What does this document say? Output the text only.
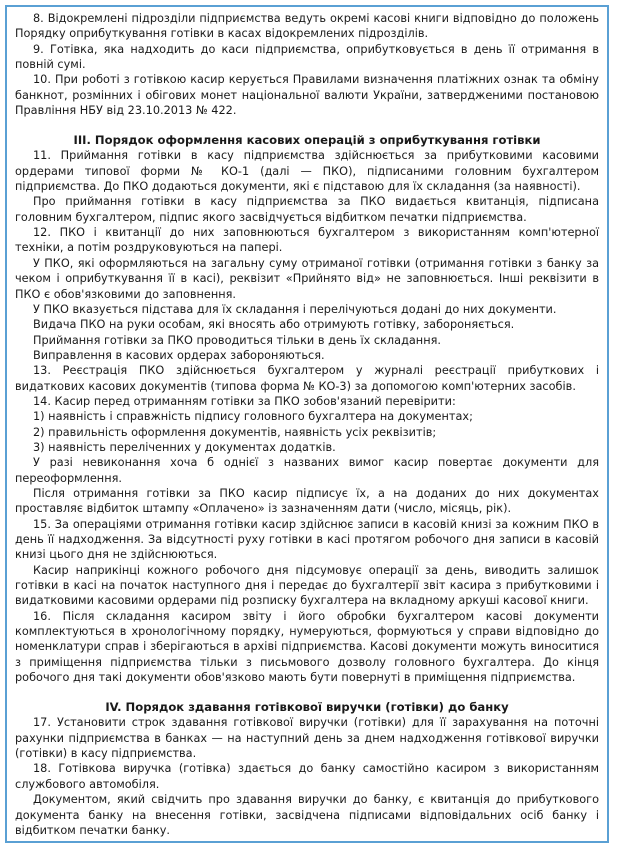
8. Відокремлені підрозділи підприємства ведуть окремі касові книги відповідно до положень Порядку оприбуткування готівки в касах відокремлених підрозділів.

9. Готівка, яка надходить до каси підприємства, оприбутковується в день її отримання в повній сумі.

10. При роботі з готівкою касир керується Правилами визначення платіжних ознак та обміну банкнот, розмінних і обігових монет національної валюти України, затвердженими постановою Правління НБУ від 23.10.2013 № 422.

III. Порядок оформлення касових операцій з оприбуткування готівки

11. Приймання готівки в касу підприємства здійснюється за прибутковими касовими ордерами типової форми № КО-1 (далі — ПКО), підписаними головним бухгалтером підприємства. До ПКО додаються документи, які є підставою для їх складання (за наявності).

Про приймання готівки в касу підприємства за ПКО видається квитанція, підписана головним бухгалтером, підпис якого засвідчується відбитком печатки підприємства.

12. ПКО і квитанції до них заповнюються бухгалтером з використанням комп'ютерної техніки, а потім роздруковуються на папері.

У ПКО, які оформляються на загальну суму отриманої готівки (отримання готівки з банку за чеком і оприбуткування її в касі), реквізит «Прийнято від» не заповнюється. Інші реквізити в ПКО є обов'язковими до заповнення.

У ПКО вказується підстава для їх складання і перелічуються додані до них документи.

Видача ПКО на руки особам, які вносять або отримують готівку, забороняється.

Приймання готівки за ПКО проводиться тільки в день їх складання.

Виправлення в касових ордерах забороняються.

13. Реєстрація ПКО здійснюється бухгалтером у журналі реєстрації прибуткових і видаткових касових документів (типова форма № КО-3) за допомогою комп'ютерних засобів.

14. Касир перед отриманням готівки за ПКО зобов'язаний перевірити:

1) наявність і справжність підпису головного бухгалтера на документах;

2) правильність оформлення документів, наявність усіх реквізитів;

3) наявність переліченних у документах додатків.

У разі невиконання хоча б однієї з названих вимог касир повертає документи для переоформлення.

Після отримання готівки за ПКО касир підписує їх, а на доданих до них документах проставляє відбиток штампу «Оплачено» із зазначенням дати (число, місяць, рік).

15. За операціями отримання готівки касир здійснює записи в касовій книзі за кожним ПКО в день її надходження. За відсутності руху готівки в касі протягом робочого дня записи в касовій книзі цього дня не здійснюються.

Касир наприкінці кожного робочого дня підсумовує операції за день, виводить залишок готівки в касі на початок наступного дня і передає до бухгалтерії звіт касира з прибутковими і видатковими касовими ордерами під розписку бухгалтера на вкладному аркуші касової книги.

16. Після складання касиром звіту і його обробки бухгалтером касові документи комплектуються в хронологічному порядку, нумеруються, формуються у справи відповідно до номенклатури справ і зберігаються в архіві підприємства. Касові документи можуть виноситися з приміщення підприємства тільки з письмового дозволу головного бухгалтера. До кінця робочого дня такі документи обов'язково мають бути повернуті в приміщення підприємства.

IV. Порядок здавання готівкової виручки (готівки) до банку

17. Установити строк здавання готівкової виручки (готівки) для її зарахування на поточні рахунки підприємства в банках — на наступний день за днем надходження готівкової виручки (готівки) в касу підприємства.

18. Готівкова виручка (готівка) здається до банку самостійно касиром з використанням службового автомобіля.

Документом, який свідчить про здавання виручки до банку, є квитанція до прибуткового документа банку на внесення готівки, засвідчена підписами відповідальних осіб банку і відбитком печатки банку.
